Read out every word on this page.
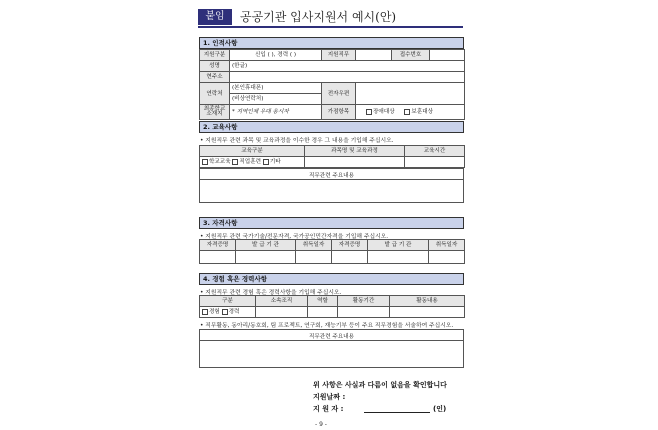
붙임	공공기관 입사지원서 예시(안)
1. 인적사항
지원구분	신입 ( ), 경력 ( )	지원직무		접수번호	
성명	(한글)				
현주소					
연락처	(본인휴대폰)	전자우편			
	(비상연락처)				
최종학교
소재지	* 지역인재 우대 응시자	가점항목	장애대상 보훈대상		
2. 교육사항
• 지원직무 관련 과목 및 교육과정을 이수한 경우 그 내용을 기입해 주십시오.
교육구분	과목명 및 교육과정	교육시간
학교교육 직업훈련 기타		
직무관련 주요내용
3. 자격사항
• 지원직무 관련 국가기술/전문자격, 국가공인민간자격을 기입해 주십시오.
자격증명	발 급 기 관	취득일자	자격증명	발 급 기 관	취득일자

4. 경험 혹은 경력사항
• 지원직무 관련 경험 혹은 경력사항을 기입해 주십시오.
구분	소속조직	역할	활동기간	활동내용
경험 경력				
• 직무활동, 동아리/동호회, 팀 프로젝트, 연구회, 재능기부 등이 주요 직무경험을 서술하여 주십시오.
직무관련 주요내용
위 사항은 사실과 다름이 없음을 확인합니다
지원날짜 :
지 원 자 :	(인)
- 9 -
